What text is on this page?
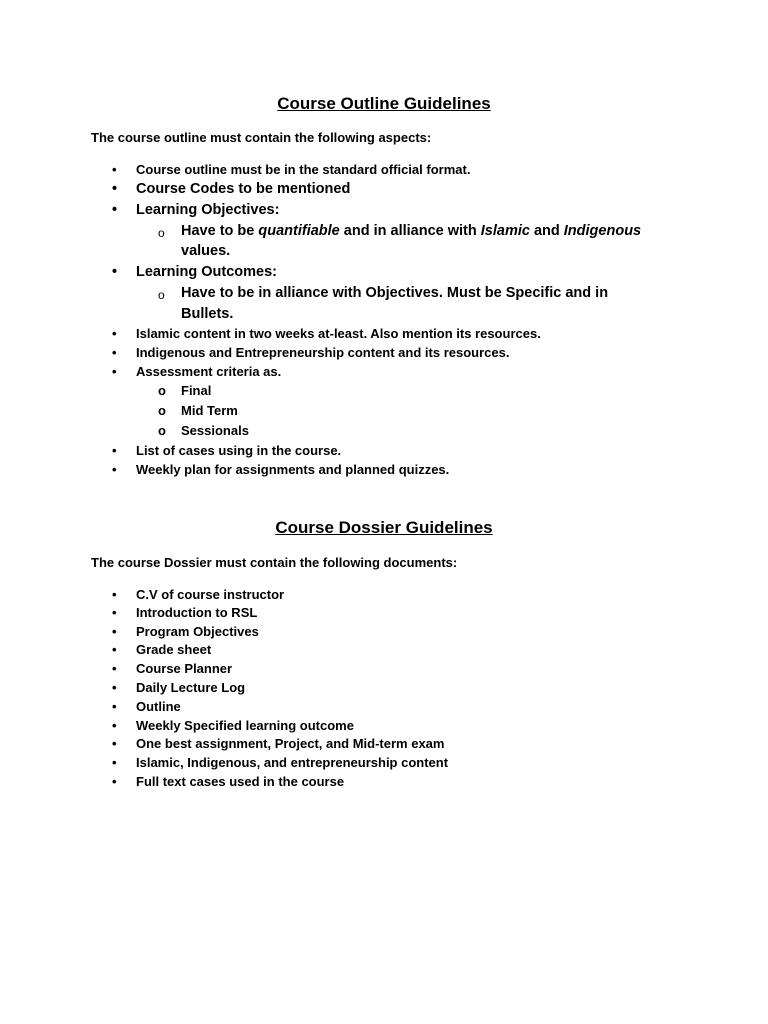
Course Outline Guidelines

The course outline must contain the following aspects:

• Course outline must be in the standard official format.
• Course Codes to be mentioned
• Learning Objectives:
o Have to be quantifiable and in alliance with Islamic and Indigenous
values.
• Learning Outcomes:
o Have to be in alliance with Objectives. Must be Specific and in
Bullets.
• Islamic content in two weeks at-least. Also mention its resources.
• Indigenous and Entrepreneurship content and its resources.
• Assessment criteria as.
o Final
o Mid Term
o Sessionals
• List of cases using in the course.
• Weekly plan for assignments and planned quizzes.
Course Dossier Guidelines

The course Dossier must contain the following documents:

• C.V of course instructor
• Introduction to RSL
• Program Objectives
• Grade sheet
• Course Planner
• Daily Lecture Log
• Outline
• Weekly Specified learning outcome
• One best assignment, Project, and Mid-term exam
• Islamic, Indigenous, and entrepreneurship content
• Full text cases used in the course
